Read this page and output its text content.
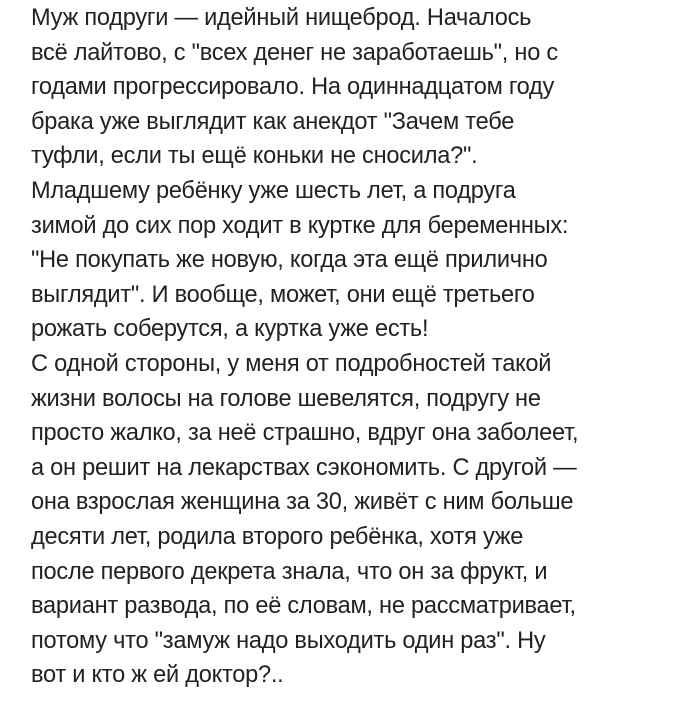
Муж подруги — идейный нищеброд. Началось
всё лайтово, с "всех денег не заработаешь", но с
годами прогрессировало. На одиннадцатом году
брака уже выглядит как анекдот "Зачем тебе
туфли, если ты ещё коньки не сносила?".
Младшему ребёнку уже шесть лет, а подруга
зимой до сих пор ходит в куртке для беременных:
"Не покупать же новую, когда эта ещё прилично
выглядит". И вообще, может, они ещё третьего
рожать соберутся, а куртка уже есть!
С одной стороны, у меня от подробностей такой
жизни волосы на голове шевелятся, подругу не
просто жалко, за неё страшно, вдруг она заболеет,
а он решит на лекарствах сэкономить. С другой —
она взрослая женщина за 30, живёт с ним больше
десяти лет, родила второго ребёнка, хотя уже
после первого декрета знала, что он за фрукт, и
вариант развода, по её словам, не рассматривает,
потому что "замуж надо выходить один раз". Ну
вот и кто ж ей доктор?..
